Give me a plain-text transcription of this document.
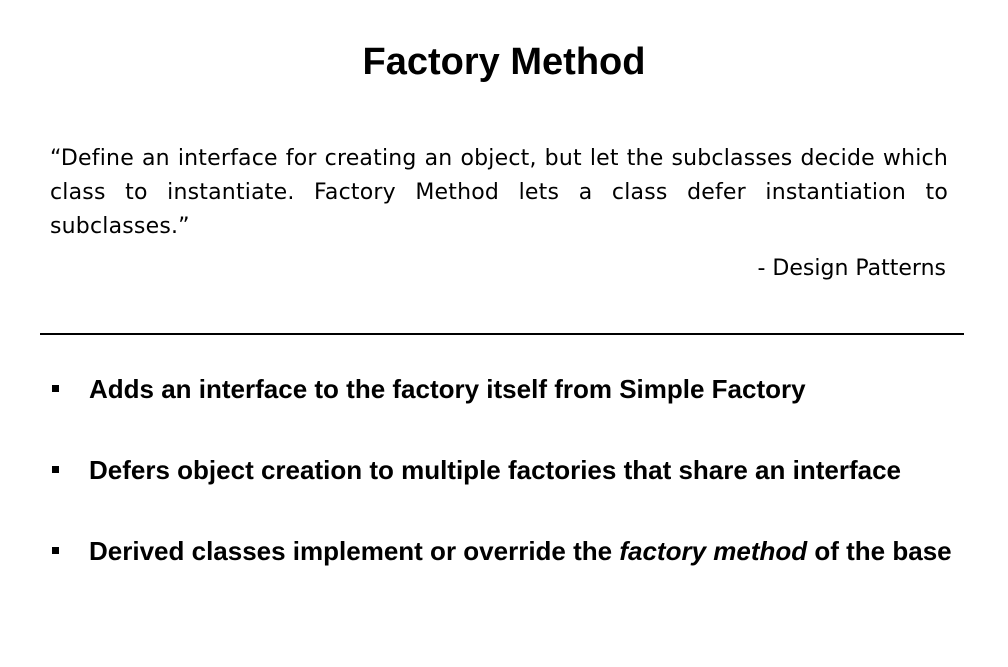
Factory Method
“Define an interface for creating an object, but let the subclasses decide which class to instantiate. Factory Method lets a class defer instantiation to subclasses.”
- Design Patterns
Adds an interface to the factory itself from Simple Factory
Defers object creation to multiple factories that share an interface
Derived classes implement or override the factory method of the base
